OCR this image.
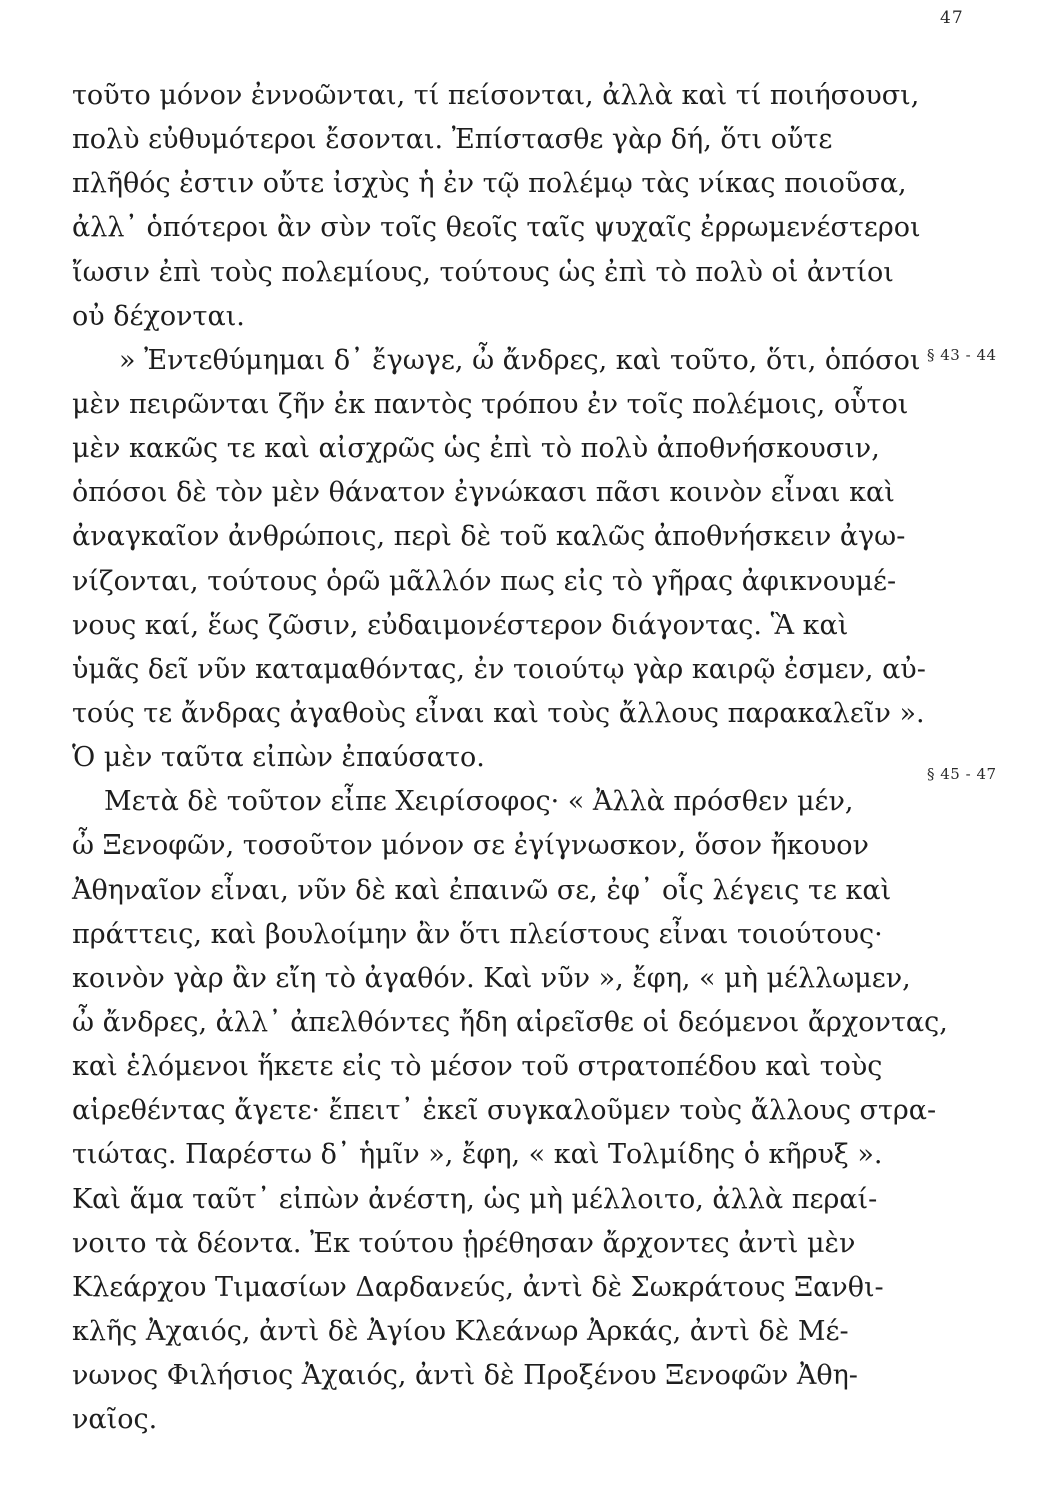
47
τοῦτο μόνον ἐννοῶνται, τί πείσονται, ἀλλὰ καὶ τί ποιήσουσι,
πολὺ εὐθυμότεροι ἔσονται. Ἐπίστασθε γὰρ δή, ὅτι οὔτε
πλῆθός ἐστιν οὔτε ἰσχὺς ἡ ἐν τῷ πολέμῳ τὰς νίκας ποιοῦσα,
ἀλλ᾽ ὁπότεροι ἂν σὺν τοῖς θεοῖς ταῖς ψυχαῖς ἐρρωμενέστεροι
ἴωσιν ἐπὶ τοὺς πολεμίους, τούτους ὡς ἐπὶ τὸ πολὺ οἱ ἀντίοι
οὐ δέχονται.
» Ἐντεθύμημαι δ᾽ ἔγωγε, ὦ ἄνδρες, καὶ τοῦτο, ὅτι, ὁπόσοι
μὲν πειρῶνται ζῆν ἐκ παντὸς τρόπου ἐν τοῖς πολέμοις, οὗτοι
μὲν κακῶς τε καὶ αἰσχρῶς ὡς ἐπὶ τὸ πολὺ ἀποθνήσκουσιν,
ὁπόσοι δὲ τὸν μὲν θάνατον ἐγνώκασι πᾶσι κοινὸν εἶναι καὶ
ἀναγκαῖον ἀνθρώποις, περὶ δὲ τοῦ καλῶς ἀποθνήσκειν ἀγω-
νίζονται, τούτους ὁρῶ μᾶλλόν πως εἰς τὸ γῆρας ἀφικνουμέ-
νους καί, ἕως ζῶσιν, εὐδαιμονέστερον διάγοντας. Ἃ καὶ
ὑμᾶς δεῖ νῦν καταμαθόντας, ἐν τοιούτῳ γὰρ καιρῷ ἐσμεν, αὐ-
τούς τε ἄνδρας ἀγαθοὺς εἶναι καὶ τοὺς ἄλλους παρακαλεῖν ».
Ὁ μὲν ταῦτα εἰπὼν ἐπαύσατο.
Μετὰ δὲ τοῦτον εἶπε Χειρίσοφος· « Ἀλλὰ πρόσθεν μέν,
ὦ Ξενοφῶν, τοσοῦτον μόνον σε ἐγίγνωσκον, ὅσον ἤκουον
Ἀθηναῖον εἶναι, νῦν δὲ καὶ ἐπαινῶ σε, ἐφ᾽ οἷς λέγεις τε καὶ
πράττεις, καὶ βουλοίμην ἂν ὅτι πλείστους εἶναι τοιούτους·
κοινὸν γὰρ ἂν εἴη τὸ ἀγαθόν. Καὶ νῦν », ἔφη, « μὴ μέλλωμεν,
ὦ ἄνδρες, ἀλλ᾽ ἀπελθόντες ἤδη αἱρεῖσθε οἱ δεόμενοι ἄρχοντας,
καὶ ἑλόμενοι ἥκετε εἰς τὸ μέσον τοῦ στρατοπέδου καὶ τοὺς
αἱρεθέντας ἄγετε· ἔπειτ᾽ ἐκεῖ συγκαλοῦμεν τοὺς ἄλλους στρα-
τιώτας. Παρέστω δ᾽ ἡμῖν », ἔφη, « καὶ Τολμίδης ὁ κῆρυξ ».
Καὶ ἅμα ταῦτ᾽ εἰπὼν ἀνέστη, ὡς μὴ μέλλοιτο, ἀλλὰ περαί-
νοιτο τὰ δέοντα. Ἐκ τούτου ᾑρέθησαν ἄρχοντες ἀντὶ μὲν
Κλεάρχου Τιμασίων Δαρδανεύς, ἀντὶ δὲ Σωκράτους Ξανθι-
κλῆς Ἀχαιός, ἀντὶ δὲ Ἀγίου Κλεάνωρ Ἀρκάς, ἀντὶ δὲ Μέ-
νωνος Φιλήσιος Ἀχαιός, ἀντὶ δὲ Προξένου Ξενοφῶν Ἀθη-
ναῖος.
§ 43 - 44
§ 45 - 47
